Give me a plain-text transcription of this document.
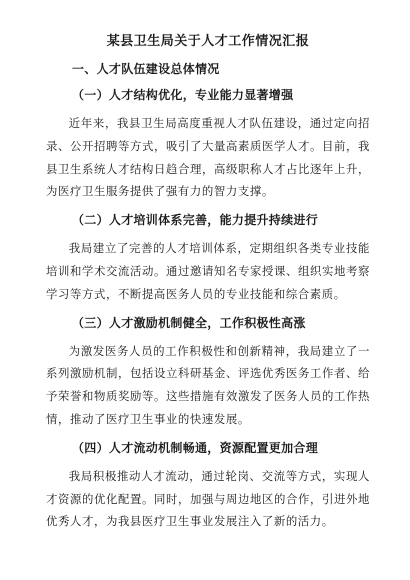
某县卫生局关于人才工作情况汇报
一、人才队伍建设总体情况
（一）人才结构优化，专业能力显著增强

近年来，我县卫生局高度重视人才队伍建设，通过定向招录、公开招聘等方式，吸引了大量高素质医学人才。目前，我县卫生系统人才结构日趋合理，高级职称人才占比逐年上升，为医疗卫生服务提供了强有力的智力支撑。

（二）人才培训体系完善，能力提升持续进行

我局建立了完善的人才培训体系，定期组织各类专业技能培训和学术交流活动。通过邀请知名专家授课、组织实地考察学习等方式，不断提高医务人员的专业技能和综合素质。

（三）人才激励机制健全，工作积极性高涨

为激发医务人员的工作积极性和创新精神，我局建立了一系列激励机制，包括设立科研基金、评选优秀医务工作者、给予荣誉和物质奖励等。这些措施有效激发了医务人员的工作热情，推动了医疗卫生事业的快速发展。

（四）人才流动机制畅通，资源配置更加合理

我局积极推动人才流动，通过轮岗、交流等方式，实现人才资源的优化配置。同时，加强与周边地区的合作，引进外地优秀人才，为我县医疗卫生事业发展注入了新的活力。
